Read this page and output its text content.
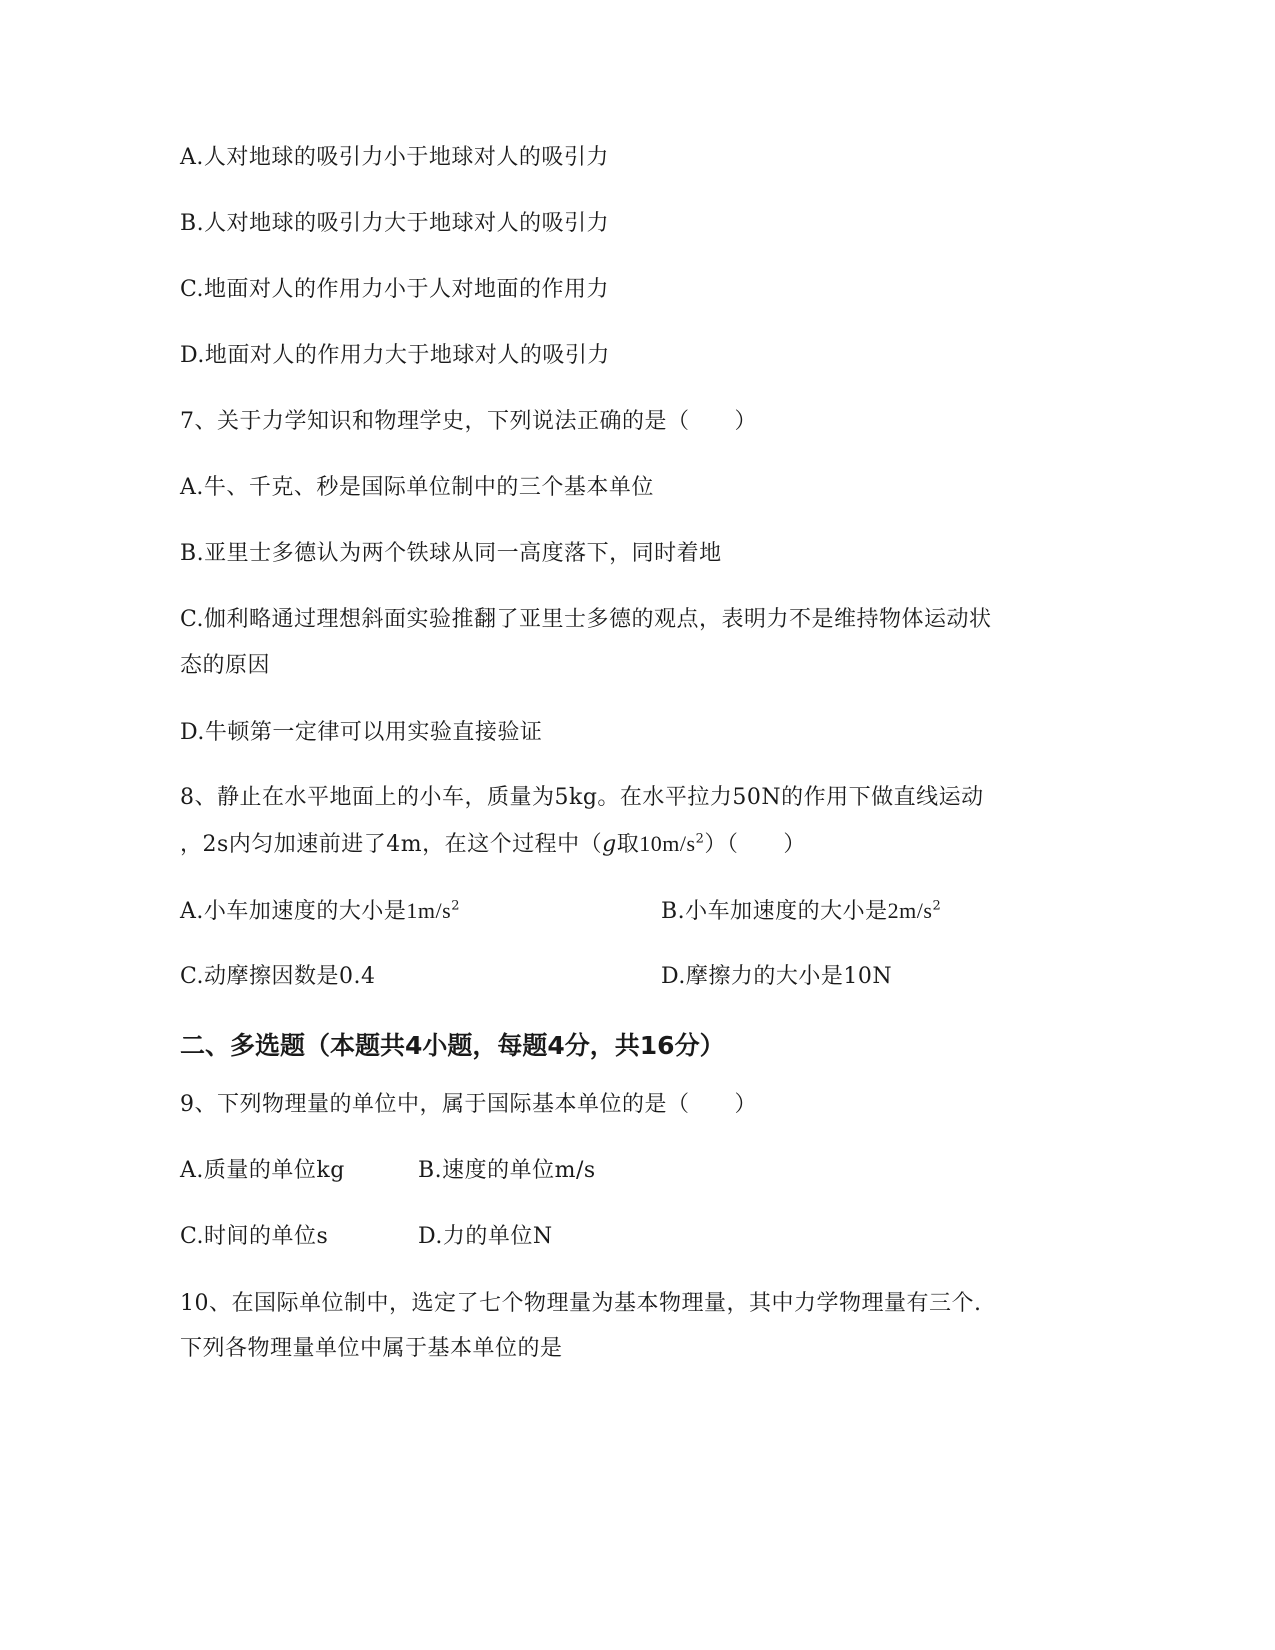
A.人对地球的吸引力小于地球对人的吸引力
B.人对地球的吸引力大于地球对人的吸引力
C.地面对人的作用力小于人对地面的作用力
D.地面对人的作用力大于地球对人的吸引力
7、关于力学知识和物理学史，下列说法正确的是（　　）
A.牛、千克、秒是国际单位制中的三个基本单位
B.亚里士多德认为两个铁球从同一高度落下，同时着地
C.伽利略通过理想斜面实验推翻了亚里士多德的观点，表明力不是维持物体运动状
态的原因
D.牛顿第一定律可以用实验直接验证
8、静止在水平地面上的小车，质量为5kg。在水平拉力50N的作用下做直线运动
，2s内匀加速前进了4m，在这个过程中（g取$10m/s^2$）（　　）
A.小车加速度的大小是$1m/s^2$	B.小车加速度的大小是$2m/s^2$
C.动摩擦因数是0.4	D.摩擦力的大小是10N
二、多选题（本题共4小题，每题4分，共16分）
9、下列物理量的单位中，属于国际基本单位的是（　　）
A.质量的单位kg	B.速度的单位m/s
C.时间的单位s	D.力的单位N
10、在国际单位制中，选定了七个物理量为基本物理量，其中力学物理量有三个.
下列各物理量单位中属于基本单位的是
